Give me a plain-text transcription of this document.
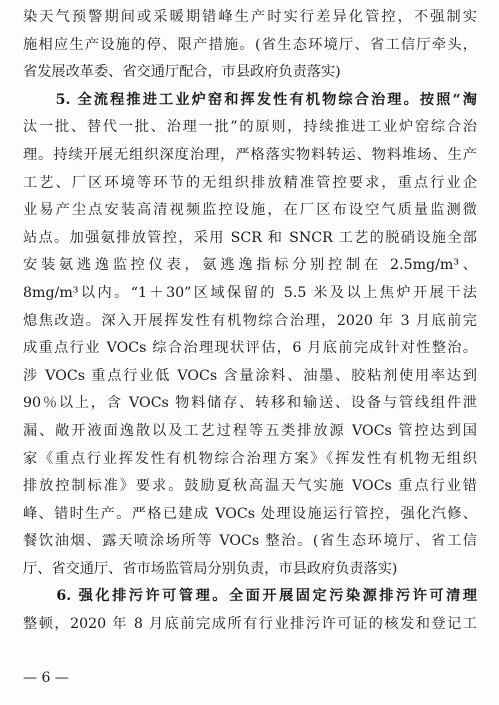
染天气预警期间或采暖期错峰生产时实行差异化管控，不强制实
施相应生产设施的停、限产措施。(省生态环境厅、省工信厅牵头，
省发展改革委、省交通厅配合，市县政府负责落实)
　　5. 全流程推进工业炉窑和挥发性有机物综合治理。按照“淘
汰一批、替代一批、治理一批”的原则，持续推进工业炉窑综合治
理。持续开展无组织深度治理，严格落实物料转运、物料堆场、生产
工艺、厂区环境等环节的无组织排放精准管控要求，重点行业企
业易产尘点安装高清视频监控设施，在厂区布设空气质量监测微
站点。加强氨排放管控，采用 SCR 和 SNCR 工艺的脱硝设施全部
安装氨逃逸监控仪表，氨逃逸指标分别控制在 2.5mg/m³、
8mg/m³以内。“1＋30”区域保留的 5.5 米及以上焦炉开展干法
熄焦改造。深入开展挥发性有机物综合治理，2020 年 3 月底前完
成重点行业 VOCs 综合治理现状评估，6 月底前完成针对性整治。
涉 VOCs 重点行业低 VOCs 含量涂料、油墨、胶粘剂使用率达到
90％以上，含 VOCs 物料储存、转移和输送、设备与管线组件泄
漏、敞开液面逸散以及工艺过程等五类排放源 VOCs 管控达到国
家《重点行业挥发性有机物综合治理方案》《挥发性有机物无组织
排放控制标准》要求。鼓励夏秋高温天气实施 VOCs 重点行业错
峰、错时生产。严格已建成 VOCs 处理设施运行管控，强化汽修、
餐饮油烟、露天喷涂场所等 VOCs 整治。(省生态环境厅、省工信
厅、省交通厅、省市场监管局分别负责，市县政府负责落实)
　　6. 强化排污许可管理。全面开展固定污染源排污许可清理
整顿，2020 年 8 月底前完成所有行业排污许可证的核发和登记工
— 6 —
